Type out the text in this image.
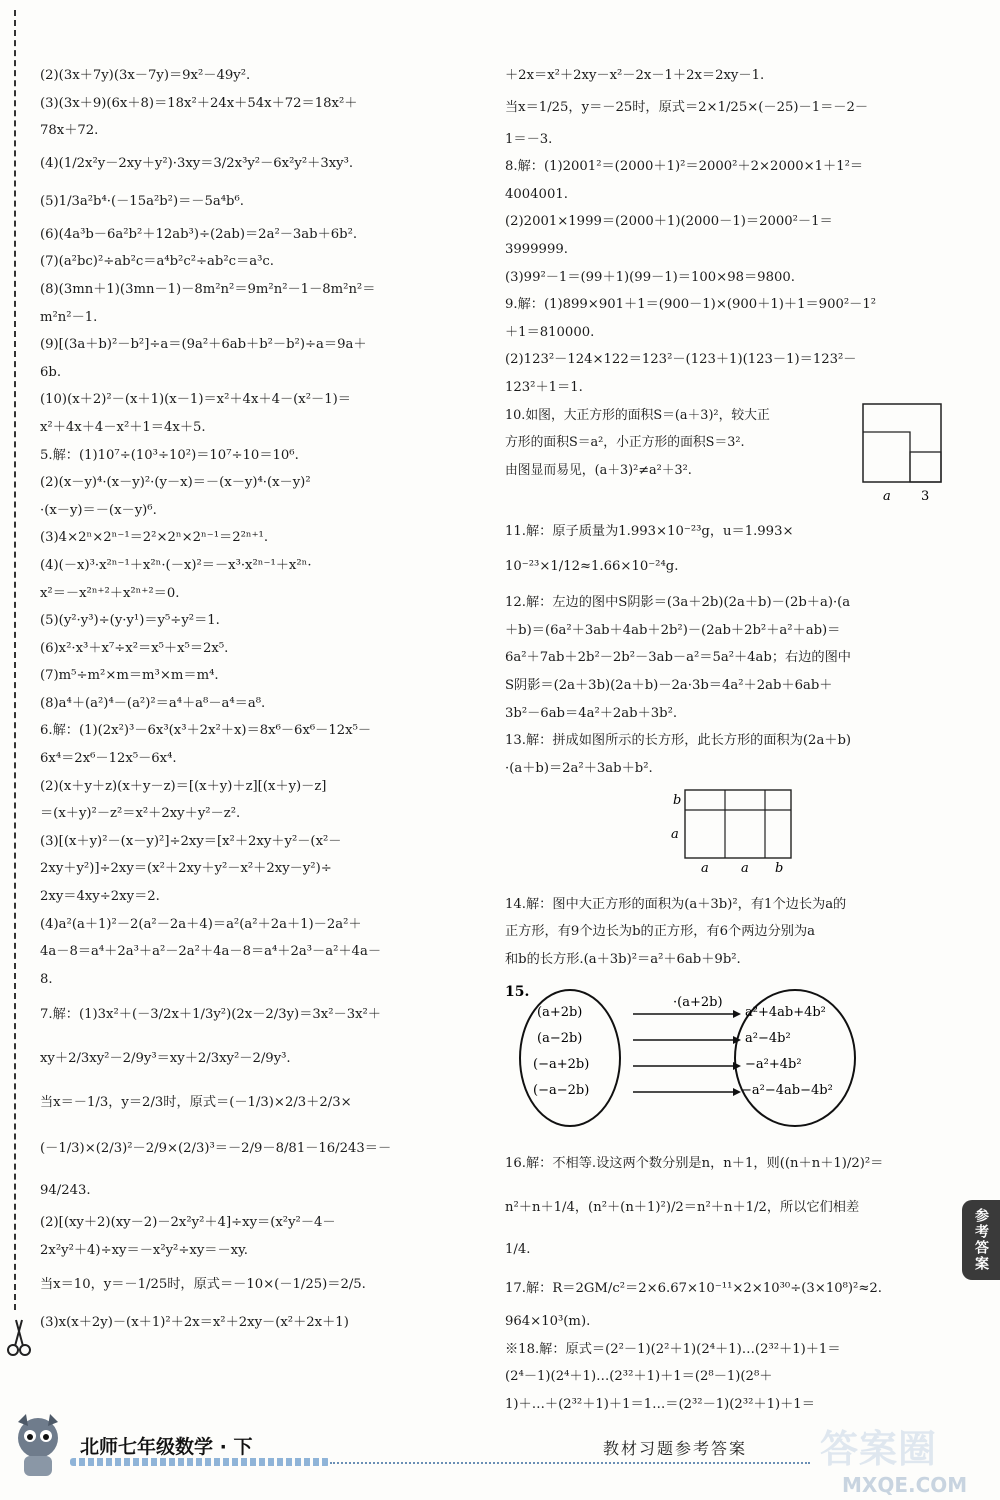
(2)(3x＋7y)(3x－7y)＝9x²－49y².
(3)(3x＋9)(6x＋8)＝18x²＋24x＋54x＋72＝18x²＋
78x＋72.
(4)(1/2x²y－2xy＋y²)·3xy＝3/2x³y²－6x²y²＋3xy³.
(5)1/3a²b⁴·(－15a²b²)＝－5a⁴b⁶.
(6)(4a³b－6a²b²＋12ab³)÷(2ab)＝2a²－3ab＋6b².
(7)(a²bc)²÷ab²c＝a⁴b²c²÷ab²c＝a³c.
(8)(3mn＋1)(3mn－1)－8m²n²＝9m²n²－1－8m²n²＝
m²n²－1.
(9)[(3a＋b)²－b²]÷a＝(9a²＋6ab＋b²－b²)÷a＝9a＋
6b.
(10)(x＋2)²－(x＋1)(x－1)＝x²＋4x＋4－(x²－1)＝
x²＋4x＋4－x²＋1＝4x＋5.
5.解：(1)10⁷÷(10³÷10²)＝10⁷÷10＝10⁶.
(2)(x－y)⁴·(x－y)²·(y－x)＝－(x－y)⁴·(x－y)²
·(x－y)＝－(x－y)⁶.
(3)4×2ⁿ×2ⁿ⁻¹＝2²×2ⁿ×2ⁿ⁻¹＝2²ⁿ⁺¹.
(4)(－x)³·x²ⁿ⁻¹＋x²ⁿ·(－x)²＝－x³·x²ⁿ⁻¹＋x²ⁿ·
x²＝－x²ⁿ⁺²＋x²ⁿ⁺²＝0.
(5)(y²·y³)÷(y·y¹)＝y⁵÷y²＝1.
(6)x²·x³＋x⁷÷x²＝x⁵＋x⁵＝2x⁵.
(7)m⁵÷m²×m＝m³×m＝m⁴.
(8)a⁴＋(a²)⁴－(a²)²＝a⁴＋a⁸－a⁴＝a⁸.
6.解：(1)(2x²)³－6x³(x³＋2x²＋x)＝8x⁶－6x⁶－12x⁵－
6x⁴＝2x⁶－12x⁵－6x⁴.
(2)(x＋y＋z)(x＋y－z)＝[(x＋y)＋z][(x＋y)－z]
＝(x＋y)²－z²＝x²＋2xy＋y²－z².
(3)[(x＋y)²－(x－y)²]÷2xy＝[x²＋2xy＋y²－(x²－
2xy＋y²)]÷2xy＝(x²＋2xy＋y²－x²＋2xy－y²)÷
2xy＝4xy÷2xy＝2.
(4)a²(a＋1)²－2(a²－2a＋4)＝a²(a²＋2a＋1)－2a²＋
4a－8＝a⁴＋2a³＋a²－2a²＋4a－8＝a⁴＋2a³－a²＋4a－
8.
7.解：(1)3x²＋(－3/2x＋1/3y²)(2x－2/3y)＝3x²－3x²＋
xy＋2/3xy²－2/9y³＝xy＋2/3xy²－2/9y³.
当x＝－1/3，y＝2/3时，原式＝(－1/3)×2/3＋2/3×
(－1/3)×(2/3)²－2/9×(2/3)³＝－2/9－8/81－16/243＝－
94/243.
(2)[(xy＋2)(xy－2)－2x²y²＋4]÷xy＝(x²y²－4－
2x²y²＋4)÷xy＝－x²y²÷xy＝－xy.
当x＝10，y＝－1/25时，原式＝－10×(－1/25)＝2/5.
(3)x(x＋2y)－(x＋1)²＋2x＝x²＋2xy－(x²＋2x＋1)
＋2x＝x²＋2xy－x²－2x－1＋2x＝2xy－1.
当x＝1/25，y＝－25时，原式＝2×1/25×(－25)－1＝－2－
1＝－3.
8.解：(1)2001²＝(2000＋1)²＝2000²＋2×2000×1＋1²＝
4004001.
(2)2001×1999＝(2000＋1)(2000－1)＝2000²－1＝
3999999.
(3)99²－1＝(99＋1)(99－1)＝100×98＝9800.
9.解：(1)899×901＋1＝(900－1)×(900＋1)＋1＝900²－1²
＋1＝810000.
(2)123²－124×122＝123²－(123＋1)(123－1)＝123²－
123²＋1＝1.
10.如图，大正方形的面积S＝(a＋3)²，较大正
方形的面积S＝a²，小正方形的面积S＝3².
由图显而易见，(a＋3)²≠a²＋3².
a 3
11.解：原子质量为1.993×10⁻²³g，u＝1.993×
10⁻²³×1/12≈1.66×10⁻²⁴g.
12.解：左边的图中S阴影＝(3a＋2b)(2a＋b)－(2b＋a)·(a
＋b)＝(6a²＋3ab＋4ab＋2b²)－(2ab＋2b²＋a²＋ab)＝
6a²＋7ab＋2b²－2b²－3ab－a²＝5a²＋4ab；右边的图中
S阴影＝(2a＋3b)(2a＋b)－2a·3b＝4a²＋2ab＋6ab＋
3b²－6ab＝4a²＋2ab＋3b².
13.解：拼成如图所示的长方形，此长方形的面积为(2a＋b)
·(a＋b)＝2a²＋3ab＋b².
b
a
a a b
14.解：图中大正方形的面积为(a＋3b)²，有1个边长为a的
正方形，有9个边长为b的正方形，有6个两边分别为a
和b的长方形.(a＋3b)²＝a²＋6ab＋9b².
15.
·(a+2b)
(a+2b)
(a−2b)
(−a+2b)
(−a−2b)
a²+4ab+4b²
a²−4b²
−a²+4b²
−a²−4ab−4b²
16.解：不相等.设这两个数分别是n，n＋1，则((n＋n＋1)/2)²＝
n²＋n＋1/4，(n²＋(n＋1)²)/2＝n²＋n＋1/2，所以它们相差
1/4.
17.解：R＝2GM/c²＝2×6.67×10⁻¹¹×2×10³⁰÷(3×10⁸)²≈2.
964×10³(m).
※18.解：原式＝(2²－1)(2²＋1)(2⁴＋1)…(2³²＋1)＋1＝
(2⁴－1)(2⁴＋1)…(2³²＋1)＋1＝(2⁸－1)(2⁸＋
1)＋…＋(2³²＋1)＋1＝1…＝(2³²－1)(2³²＋1)＋1＝
参考答案
北师七年级数学 · 下	教材习题参考答案 答案圈
MXQE.COM
